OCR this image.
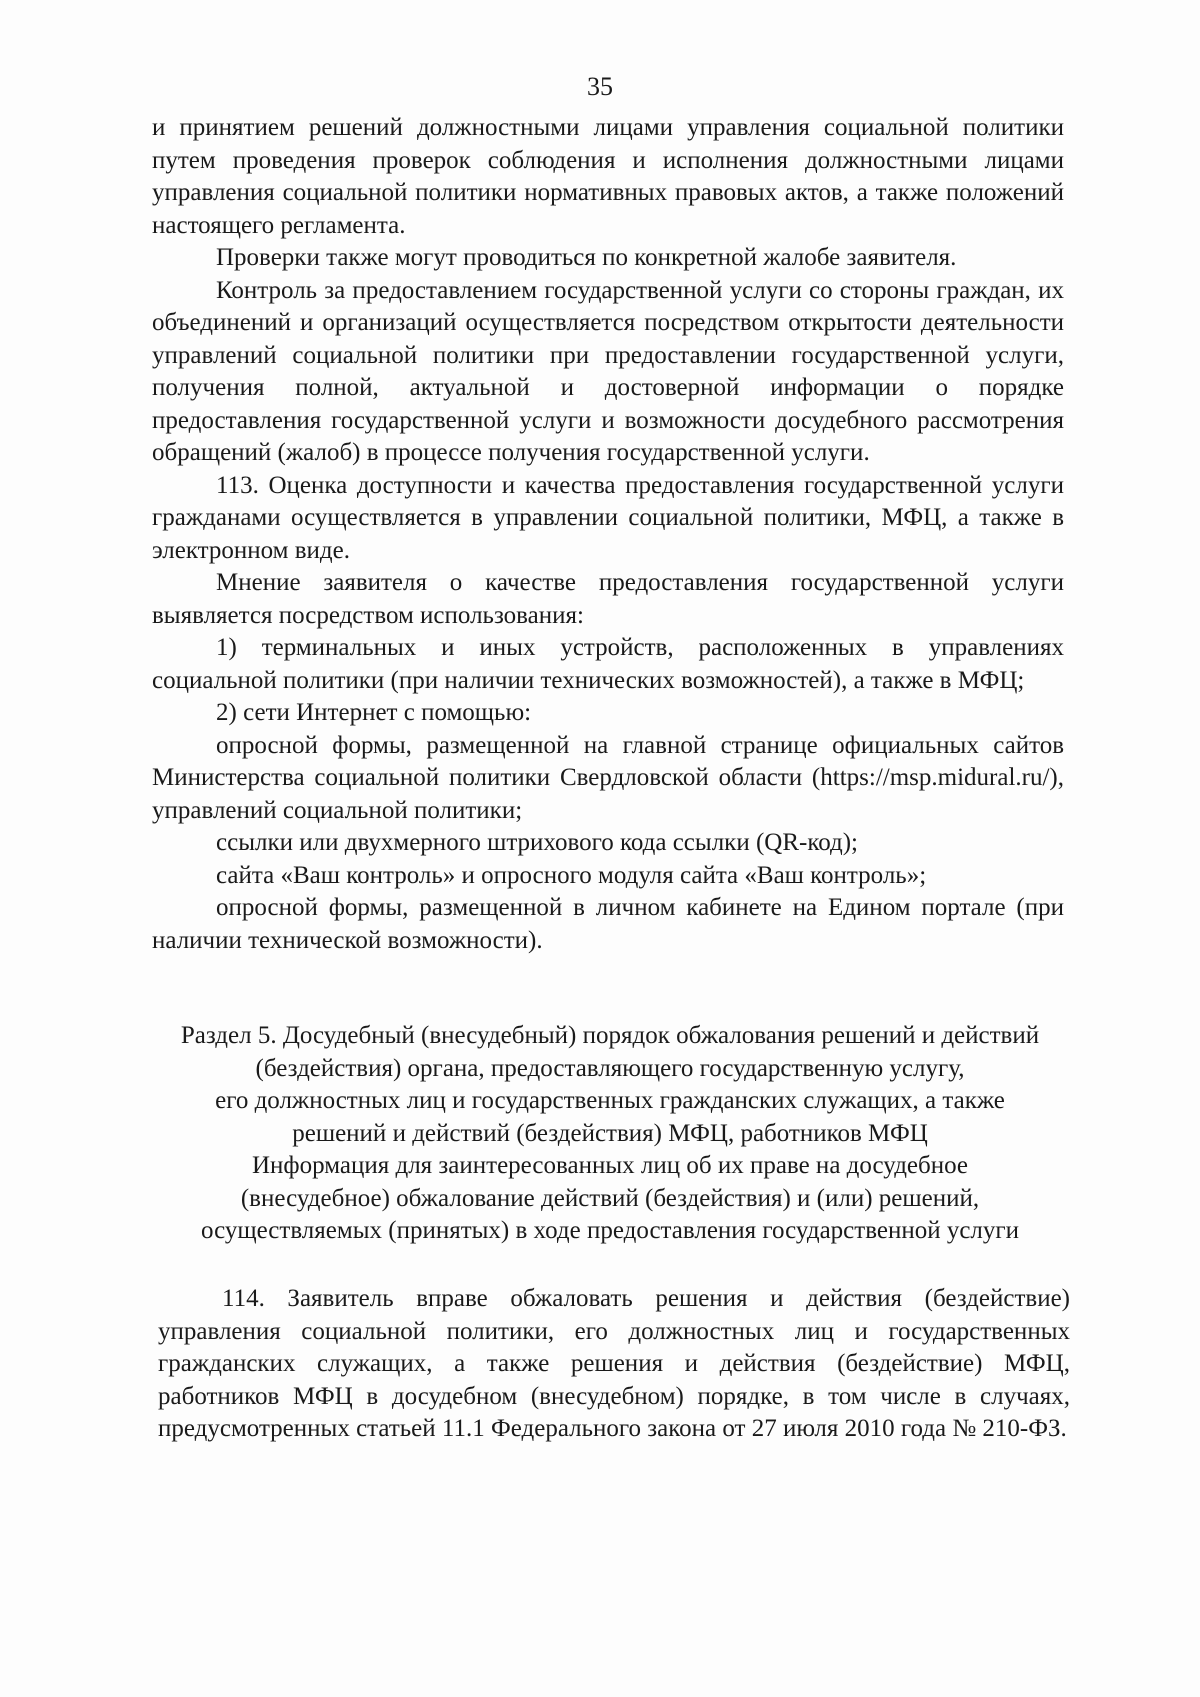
35

и принятием решений должностными лицами управления социальной политики путем проведения проверок соблюдения и исполнения должностными лицами управления социальной политики нормативных правовых актов, а также положений настоящего регламента.

Проверки также могут проводиться по конкретной жалобе заявителя.

Контроль за предоставлением государственной услуги со стороны граждан, их объединений и организаций осуществляется посредством открытости деятельности управлений социальной политики при предоставлении государственной услуги, получения полной, актуальной и достоверной информации о порядке предоставления государственной услуги и возможности досудебного рассмотрения обращений (жалоб) в процессе получения государственной услуги.

113. Оценка доступности и качества предоставления государственной услуги гражданами осуществляется в управлении социальной политики, МФЦ, а также в электронном виде.

Мнение заявителя о качестве предоставления государственной услуги выявляется посредством использования:

1) терминальных и иных устройств, расположенных в управлениях социальной политики (при наличии технических возможностей), а также в МФЦ;

2) сети Интернет с помощью:

опросной формы, размещенной на главной странице официальных сайтов Министерства социальной политики Свердловской области (https://msp.midural.ru/), управлений социальной политики;

ссылки или двухмерного штрихового кода ссылки (QR-код);

сайта «Ваш контроль» и опросного модуля сайта «Ваш контроль»;

опросной формы, размещенной в личном кабинете на Едином портале (при наличии технической возможности).

Раздел 5. Досудебный (внесудебный) порядок обжалования решений и действий
(бездействия) органа, предоставляющего государственную услугу,
его должностных лиц и государственных гражданских служащих, а также
решений и действий (бездействия) МФЦ, работников МФЦ
Информация для заинтересованных лиц об их праве на досудебное
(внесудебное) обжалование действий (бездействия) и (или) решений,
осуществляемых (принятых) в ходе предоставления государственной услуги

114. Заявитель вправе обжаловать решения и действия (бездействие) управления социальной политики, его должностных лиц и государственных гражданских служащих, а также решения и действия (бездействие) МФЦ, работников МФЦ в досудебном (внесудебном) порядке, в том числе в случаях, предусмотренных статьей 11.1 Федерального закона от 27 июля 2010 года № 210-ФЗ.
